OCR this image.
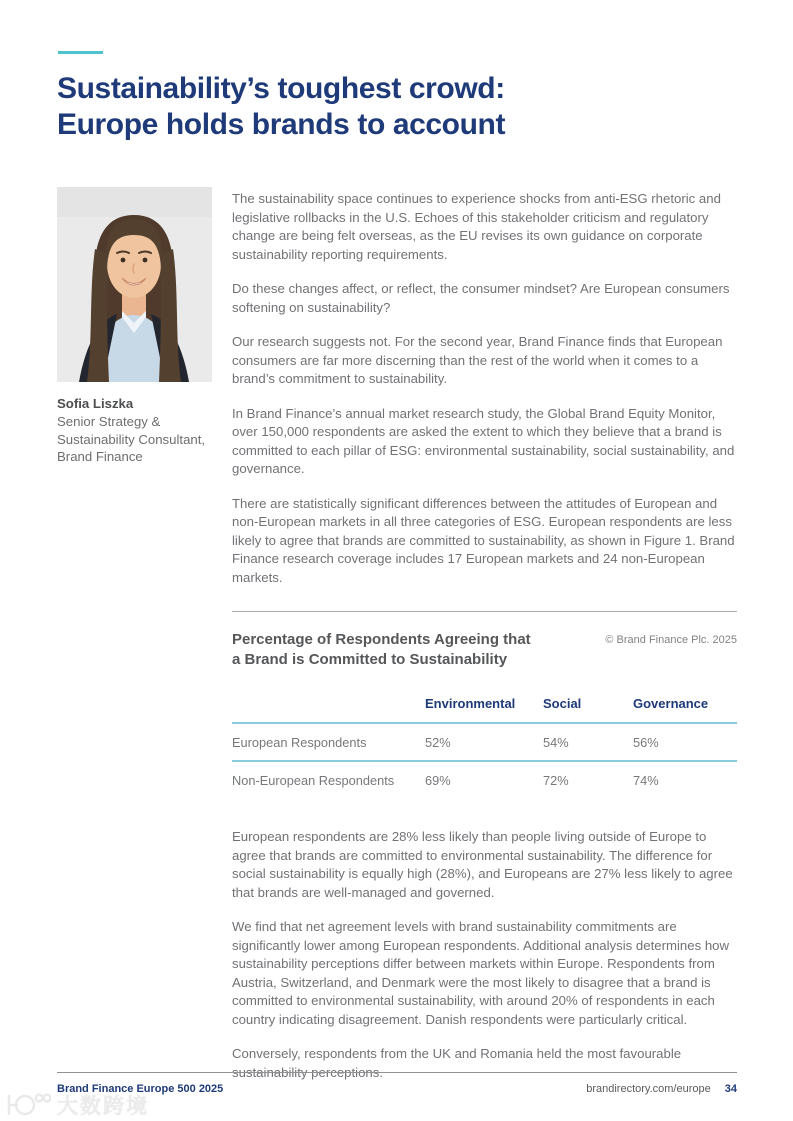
Sustainability’s toughest crowd:
Europe holds brands to account
Sofia Liszka
Senior Strategy &
Sustainability Consultant,
Brand Finance

The sustainability space continues to experience shocks from anti-ESG rhetoric and legislative rollbacks in the U.S. Echoes of this stakeholder criticism and regulatory change are being felt overseas, as the EU revises its own guidance on corporate sustainability reporting requirements.

Do these changes affect, or reflect, the consumer mindset? Are European consumers softening on sustainability?

Our research suggests not. For the second year, Brand Finance finds that European consumers are far more discerning than the rest of the world when it comes to a brand’s commitment to sustainability.

In Brand Finance’s annual market research study, the Global Brand Equity Monitor, over 150,000 respondents are asked the extent to which they believe that a brand is committed to each pillar of ESG: environmental sustainability, social sustainability, and governance.

There are statistically significant differences between the attitudes of European and non-European markets in all three categories of ESG. European respondents are less likely to agree that brands are committed to sustainability, as shown in Figure 1. Brand Finance research coverage includes 17 European markets and 24 non-European markets.

Percentage of Respondents Agreeing that
a Brand is Committed to Sustainability
© Brand Finance Plc. 2025
	Environmental	Social	Governance
European Respondents	52%	54%	56%
Non-European Respondents	69%	72%	74%

European respondents are 28% less likely than people living outside of Europe to agree that brands are committed to environmental sustainability. The difference for social sustainability is equally high (28%), and Europeans are 27% less likely to agree that brands are well-managed and governed.

We find that net agreement levels with brand sustainability commitments are significantly lower among European respondents. Additional analysis determines how sustainability perceptions differ between markets within Europe. Respondents from Austria, Switzerland, and Denmark were the most likely to disagree that a brand is committed to environmental sustainability, with around 20% of respondents in each country indicating disagreement. Danish respondents were particularly critical.

Conversely, respondents from the UK and Romania held the most favourable sustainability perceptions.

Brand Finance Europe 500 2025	brandirectory.com/europe 34
大数跨境
